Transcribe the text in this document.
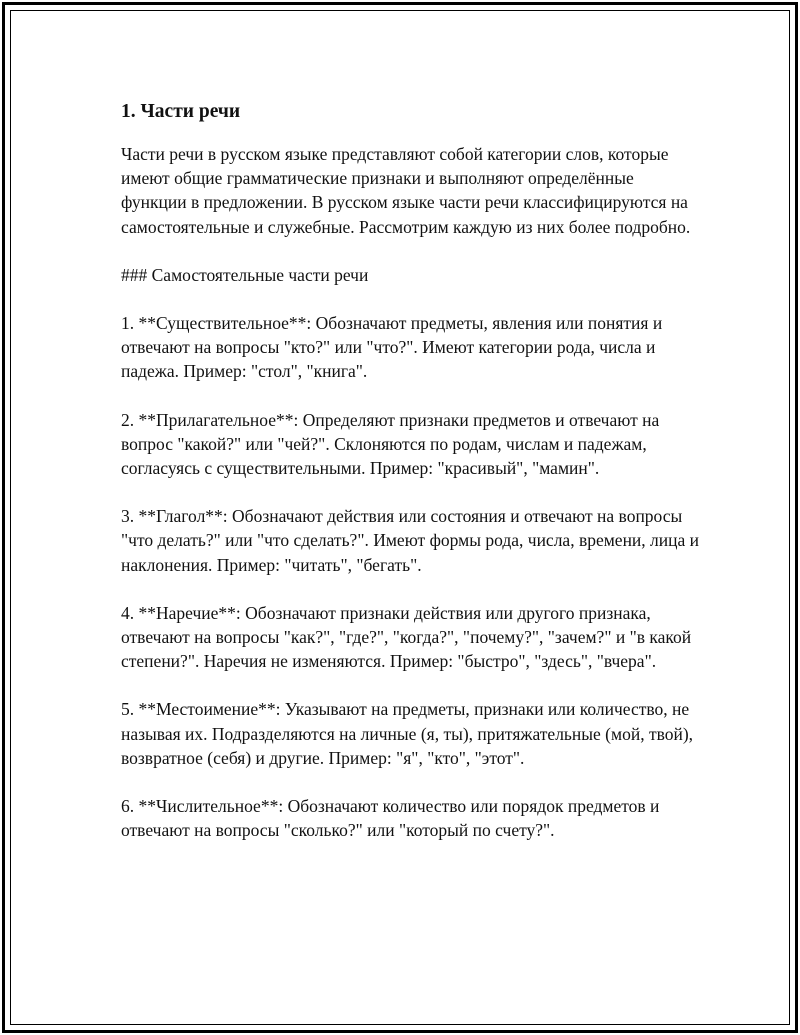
1. Части речи
Части речи в русском языке представляют собой категории слов, которые имеют общие грамматические признаки и выполняют определённые функции в предложении. В русском языке части речи классифицируются на самостоятельные и служебные. Рассмотрим каждую из них более подробно.
### Самостоятельные части речи
1. **Существительное**: Обозначают предметы, явления или понятия и отвечают на вопросы "кто?" или "что?". Имеют категории рода, числа и падежа. Пример: "стол", "книга".
2. **Прилагательное**: Определяют признаки предметов и отвечают на вопрос "какой?" или "чей?". Склоняются по родам, числам и падежам, согласуясь с существительными. Пример: "красивый", "мамин".
3. **Глагол**: Обозначают действия или состояния и отвечают на вопросы "что делать?" или "что сделать?". Имеют формы рода, числа, времени, лица и наклонения. Пример: "читать", "бегать".
4. **Наречие**: Обозначают признаки действия или другого признака, отвечают на вопросы "как?", "где?", "когда?", "почему?", "зачем?" и "в какой степени?". Наречия не изменяются. Пример: "быстро", "здесь", "вчера".
5. **Местоимение**: Указывают на предметы, признаки или количество, не называя их. Подразделяются на личные (я, ты), притяжательные (мой, твой), возвратное (себя) и другие. Пример: "я", "кто", "этот".
6. **Числительное**: Обозначают количество или порядок предметов и отвечают на вопросы "сколько?" или "который по счету?".
